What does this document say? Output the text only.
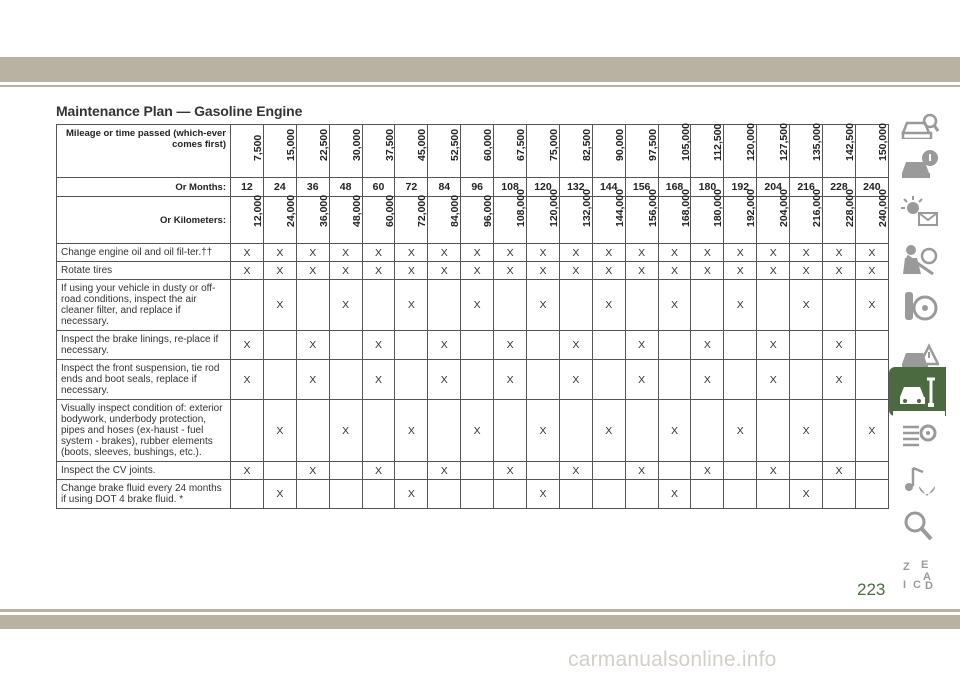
Maintenance Plan — Gasoline Engine
Mileage or time passed (which-ever comes first)	7,500	15,000	22,500	30,000	37,500	45,000	52,500	60,000	67,500	75,000	82,500	90,000	97,500	105,000	112,500	120,000	127,500	135,000	142,500	150,000

Or Months:	12	24	36	48	60	72	84	96	108	120	132	144	156	168	180	192	204	216	228	240
Or Kilometers:	12,000	24,000	36,000	48,000	60,000	72,000	84,000	96,000	108,000	120,000	132,000	144,000	156,000	168,000	180,000	192,000	204,000	216,000	228,000	240,000

Change engine oil and oil fil-ter.††	X	X	X	X	X	X	X	X	X	X	X	X	X	X	X	X	X	X	X	X
Rotate tires	X	X	X	X	X	X	X	X	X	X	X	X	X	X	X	X	X	X	X	X
If using your vehicle in dusty or off-road conditions, inspect the air cleaner filter, and replace if necessary.		X		X		X		X		X		X		X		X		X		X
Inspect the brake linings, re-place if necessary.	X		X		X		X		X		X		X		X		X		X	
Inspect the front suspension, tie rod ends and boot seals, replace if necessary.	X		X		X		X		X		X		X		X		X		X	
Visually inspect condition of: exterior bodywork, underbody protection, pipes and hoses (ex-haust - fuel system - brakes), rubber elements (boots, sleeves, bushings, etc.).		X		X		X		X		X		X		X		X		X		X
Inspect the CV joints.	X		X		X		X		X		X		X		X		X		X	
Change brake fluid every 24 months if using DOT 4 brake fluid. *		X				X				X				X				X		
Z E
A
I C D
223
carmanualsonline.info
